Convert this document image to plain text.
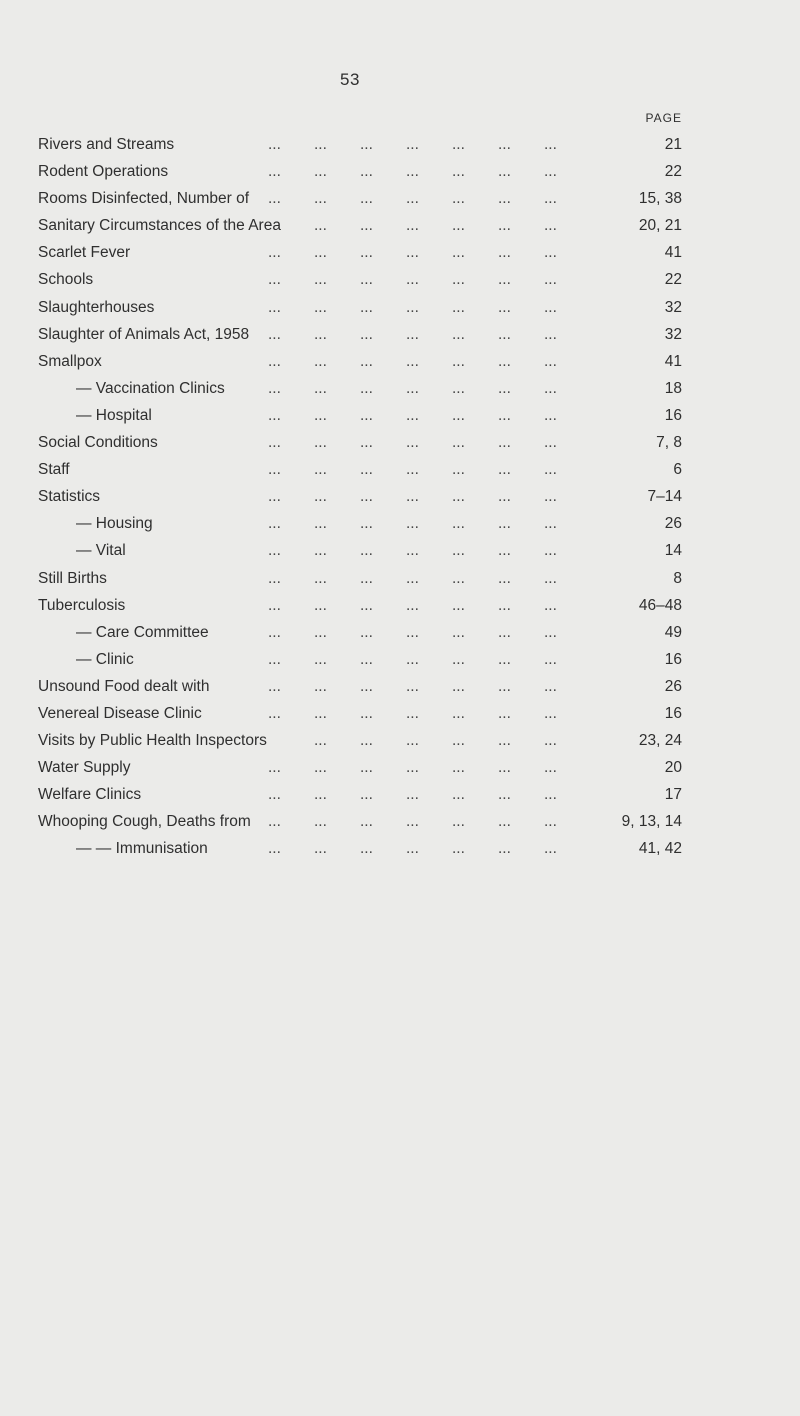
53
PAGE
... ... ... ... ... ... ...
Rivers and Streams	21
... ... ... ... ... ... ...
Rodent Operations	22
... ... ... ... ... ... ...
Rooms Disinfected, Number of	15, 38
... ... ... ... ... ...
Sanitary Circumstances of the Area	20, 21
... ... ... ... ... ... ...
Scarlet Fever	41
... ... ... ... ... ... ...
Schools	22
... ... ... ... ... ... ...
Slaughterhouses	32
... ... ... ... ... ... ...
Slaughter of Animals Act, 1958	32
... ... ... ... ... ... ...
Smallpox	41
... ... ... ... ... ... ...
— Vaccination Clinics	18
... ... ... ... ... ... ...
— Hospital	16
... ... ... ... ... ... ...
Social Conditions	7, 8
... ... ... ... ... ... ...
Staff	6
... ... ... ... ... ... ...
Statistics	7–14
... ... ... ... ... ... ...
— Housing	26
... ... ... ... ... ... ...
— Vital	14
... ... ... ... ... ... ...
Still Births	8
... ... ... ... ... ... ...
Tuberculosis	46–48
... ... ... ... ... ... ...
— Care Committee	49
... ... ... ... ... ... ...
— Clinic	16
... ... ... ... ... ... ...
Unsound Food dealt with	26
... ... ... ... ... ... ...
Venereal Disease Clinic	16
... ... ... ... ... ...
Visits by Public Health Inspectors	23, 24
... ... ... ... ... ... ...
Water Supply	20
... ... ... ... ... ... ...
Welfare Clinics	17
... ... ... ... ... ... ...
Whooping Cough, Deaths from	9, 13, 14
... ... ... ... ... ... ...
— — Immunisation	41, 42
